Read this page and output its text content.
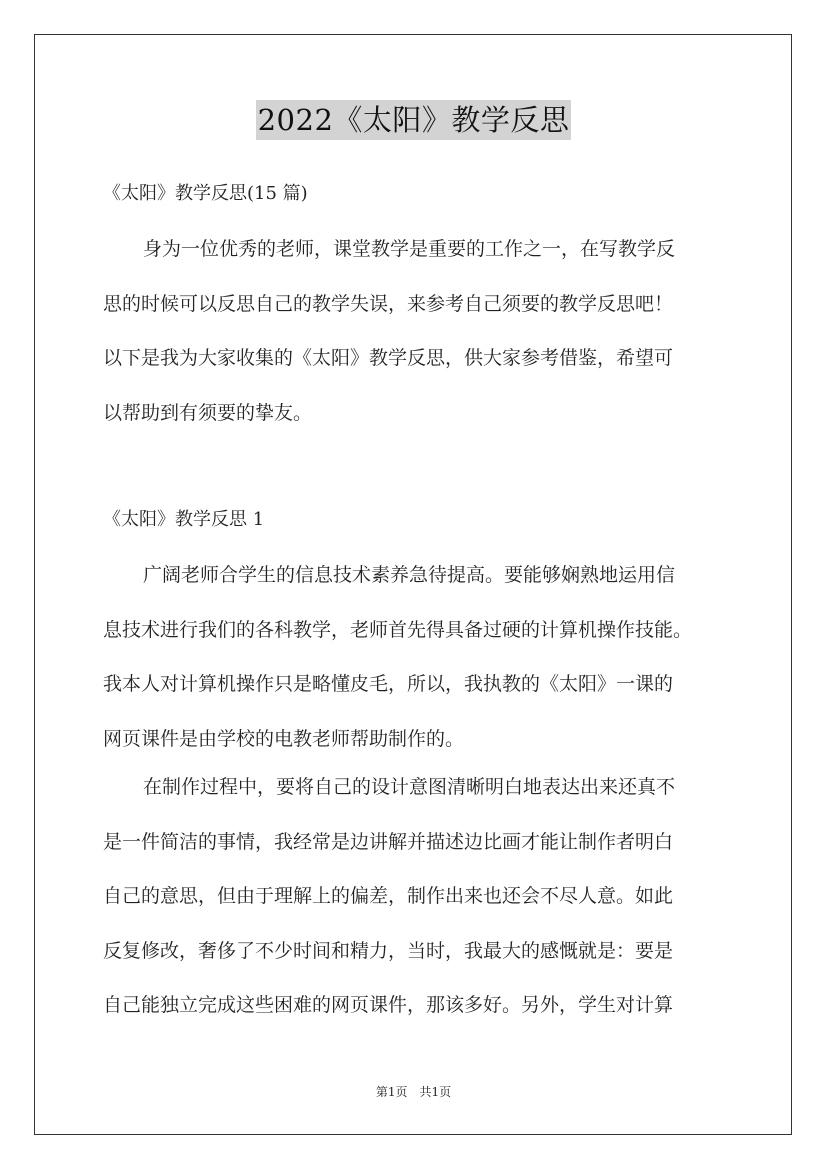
2022《太阳》教学反思
《太阳》教学反思(15 篇)
身为一位优秀的老师，课堂教学是重要的工作之一，在写教学反
思的时候可以反思自己的教学失误，来参考自己须要的教学反思吧！
以下是我为大家收集的《太阳》教学反思，供大家参考借鉴，希望可
以帮助到有须要的挚友。
《太阳》教学反思 1
广阔老师合学生的信息技术素养急待提高。要能够娴熟地运用信
息技术进行我们的各科教学，老师首先得具备过硬的计算机操作技能。
我本人对计算机操作只是略懂皮毛，所以，我执教的《太阳》一课的
网页课件是由学校的电教老师帮助制作的。
在制作过程中，要将自己的设计意图清晰明白地表达出来还真不
是一件简洁的事情，我经常是边讲解并描述边比画才能让制作者明白
自己的意思，但由于理解上的偏差，制作出来也还会不尽人意。如此
反复修改，奢侈了不少时间和精力，当时，我最大的感慨就是：要是
自己能独立完成这些困难的网页课件，那该多好。另外，学生对计算
第1页　共1页
